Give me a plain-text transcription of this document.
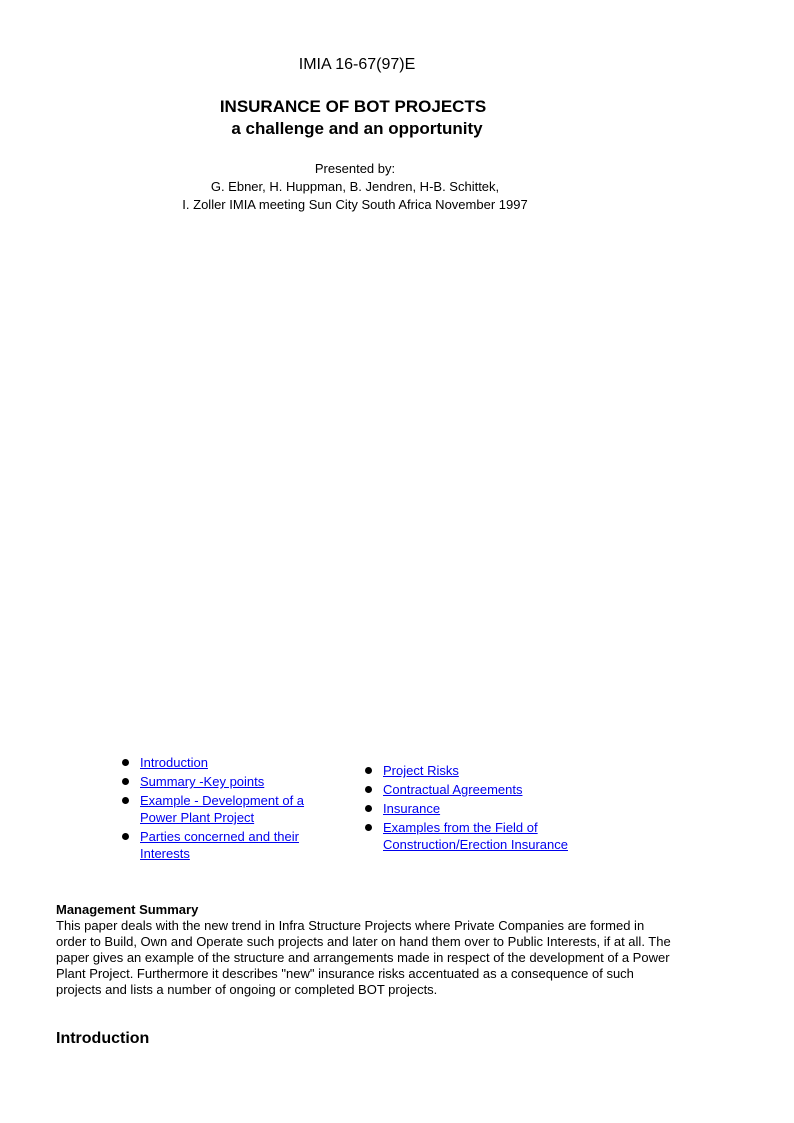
IMIA 16-67(97)E
INSURANCE OF BOT PROJECTS
a challenge and an opportunity
Presented by:
G. Ebner, H. Huppman, B. Jendren, H-B. Schittek,
I. Zoller IMIA meeting Sun City South Africa November 1997
Introduction
Summary -Key points
Example - Development of a Power Plant Project
Parties concerned and their Interests
Project Risks
Contractual Agreements
Insurance
Examples from the Field of Construction/Erection Insurance
Management Summary
This paper deals with the new trend in Infra Structure Projects where Private Companies are formed in order to Build, Own and Operate such projects and later on hand them over to Public Interests, if at all. The paper gives an example of the structure and arrangements made in respect of the development of a Power Plant Project. Furthermore it describes "new" insurance risks accentuated as a consequence of such projects and lists a number of ongoing or completed BOT projects.
Introduction
